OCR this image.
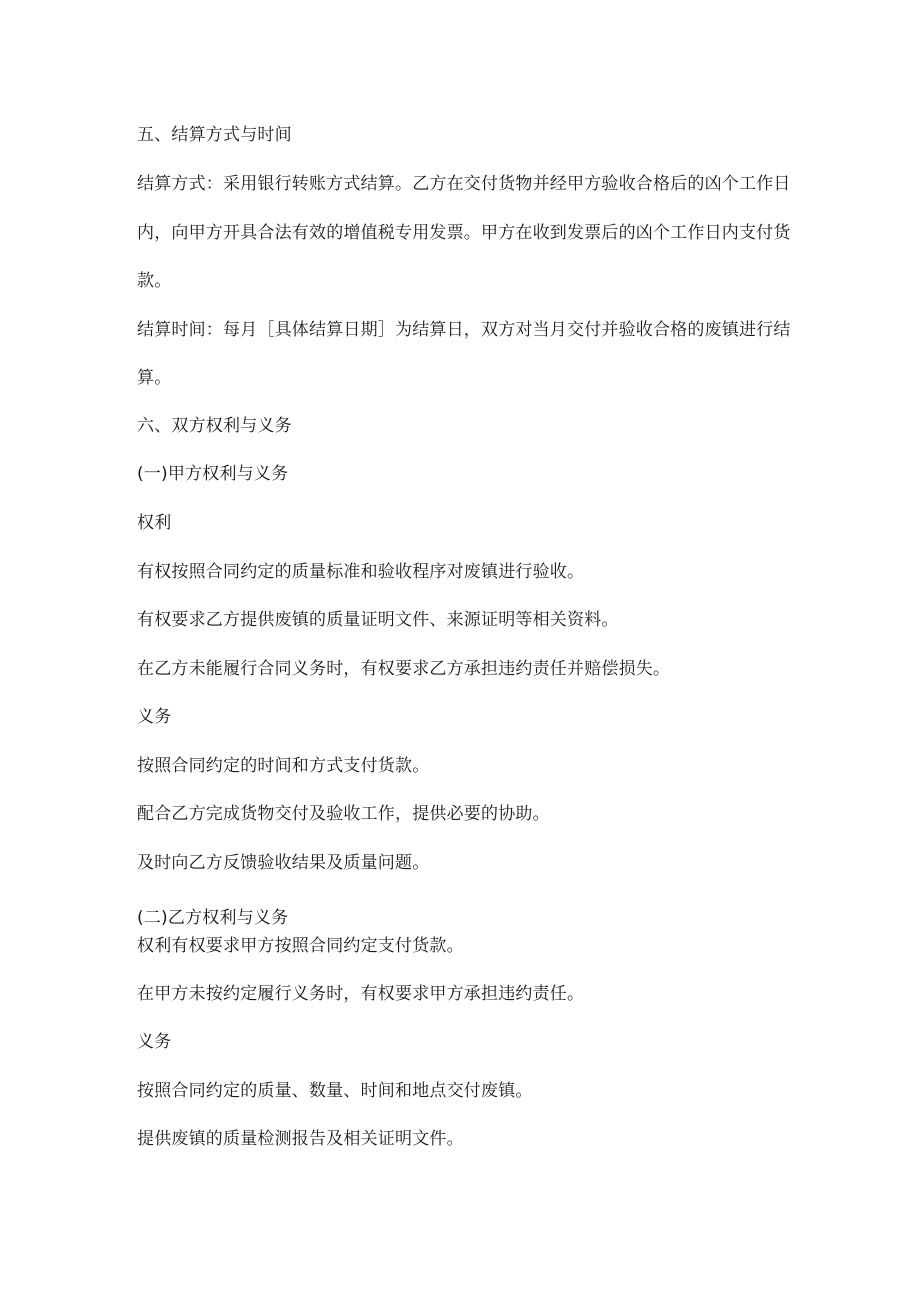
五、结算方式与时间
结算方式：采用银行转账方式结算。乙方在交付货物并经甲方验收合格后的凶个工作日
内，向甲方开具合法有效的增值税专用发票。甲方在收到发票后的凶个工作日内支付货
款。
结算时间：每月［具体结算日期］为结算日，双方对当月交付并验收合格的废镇进行结
算。
六、双方权利与义务
(一)甲方权利与义务
权利
有权按照合同约定的质量标准和验收程序对废镇进行验收。
有权要求乙方提供废镇的质量证明文件、来源证明等相关资料。
在乙方未能履行合同义务时，有权要求乙方承担违约责任并赔偿损失。
义务
按照合同约定的时间和方式支付货款。
配合乙方完成货物交付及验收工作，提供必要的协助。
及时向乙方反馈验收结果及质量问题。
(二)乙方权利与义务
权利有权要求甲方按照合同约定支付货款。
在甲方未按约定履行义务时，有权要求甲方承担违约责任。
义务
按照合同约定的质量、数量、时间和地点交付废镇。
提供废镇的质量检测报告及相关证明文件。
